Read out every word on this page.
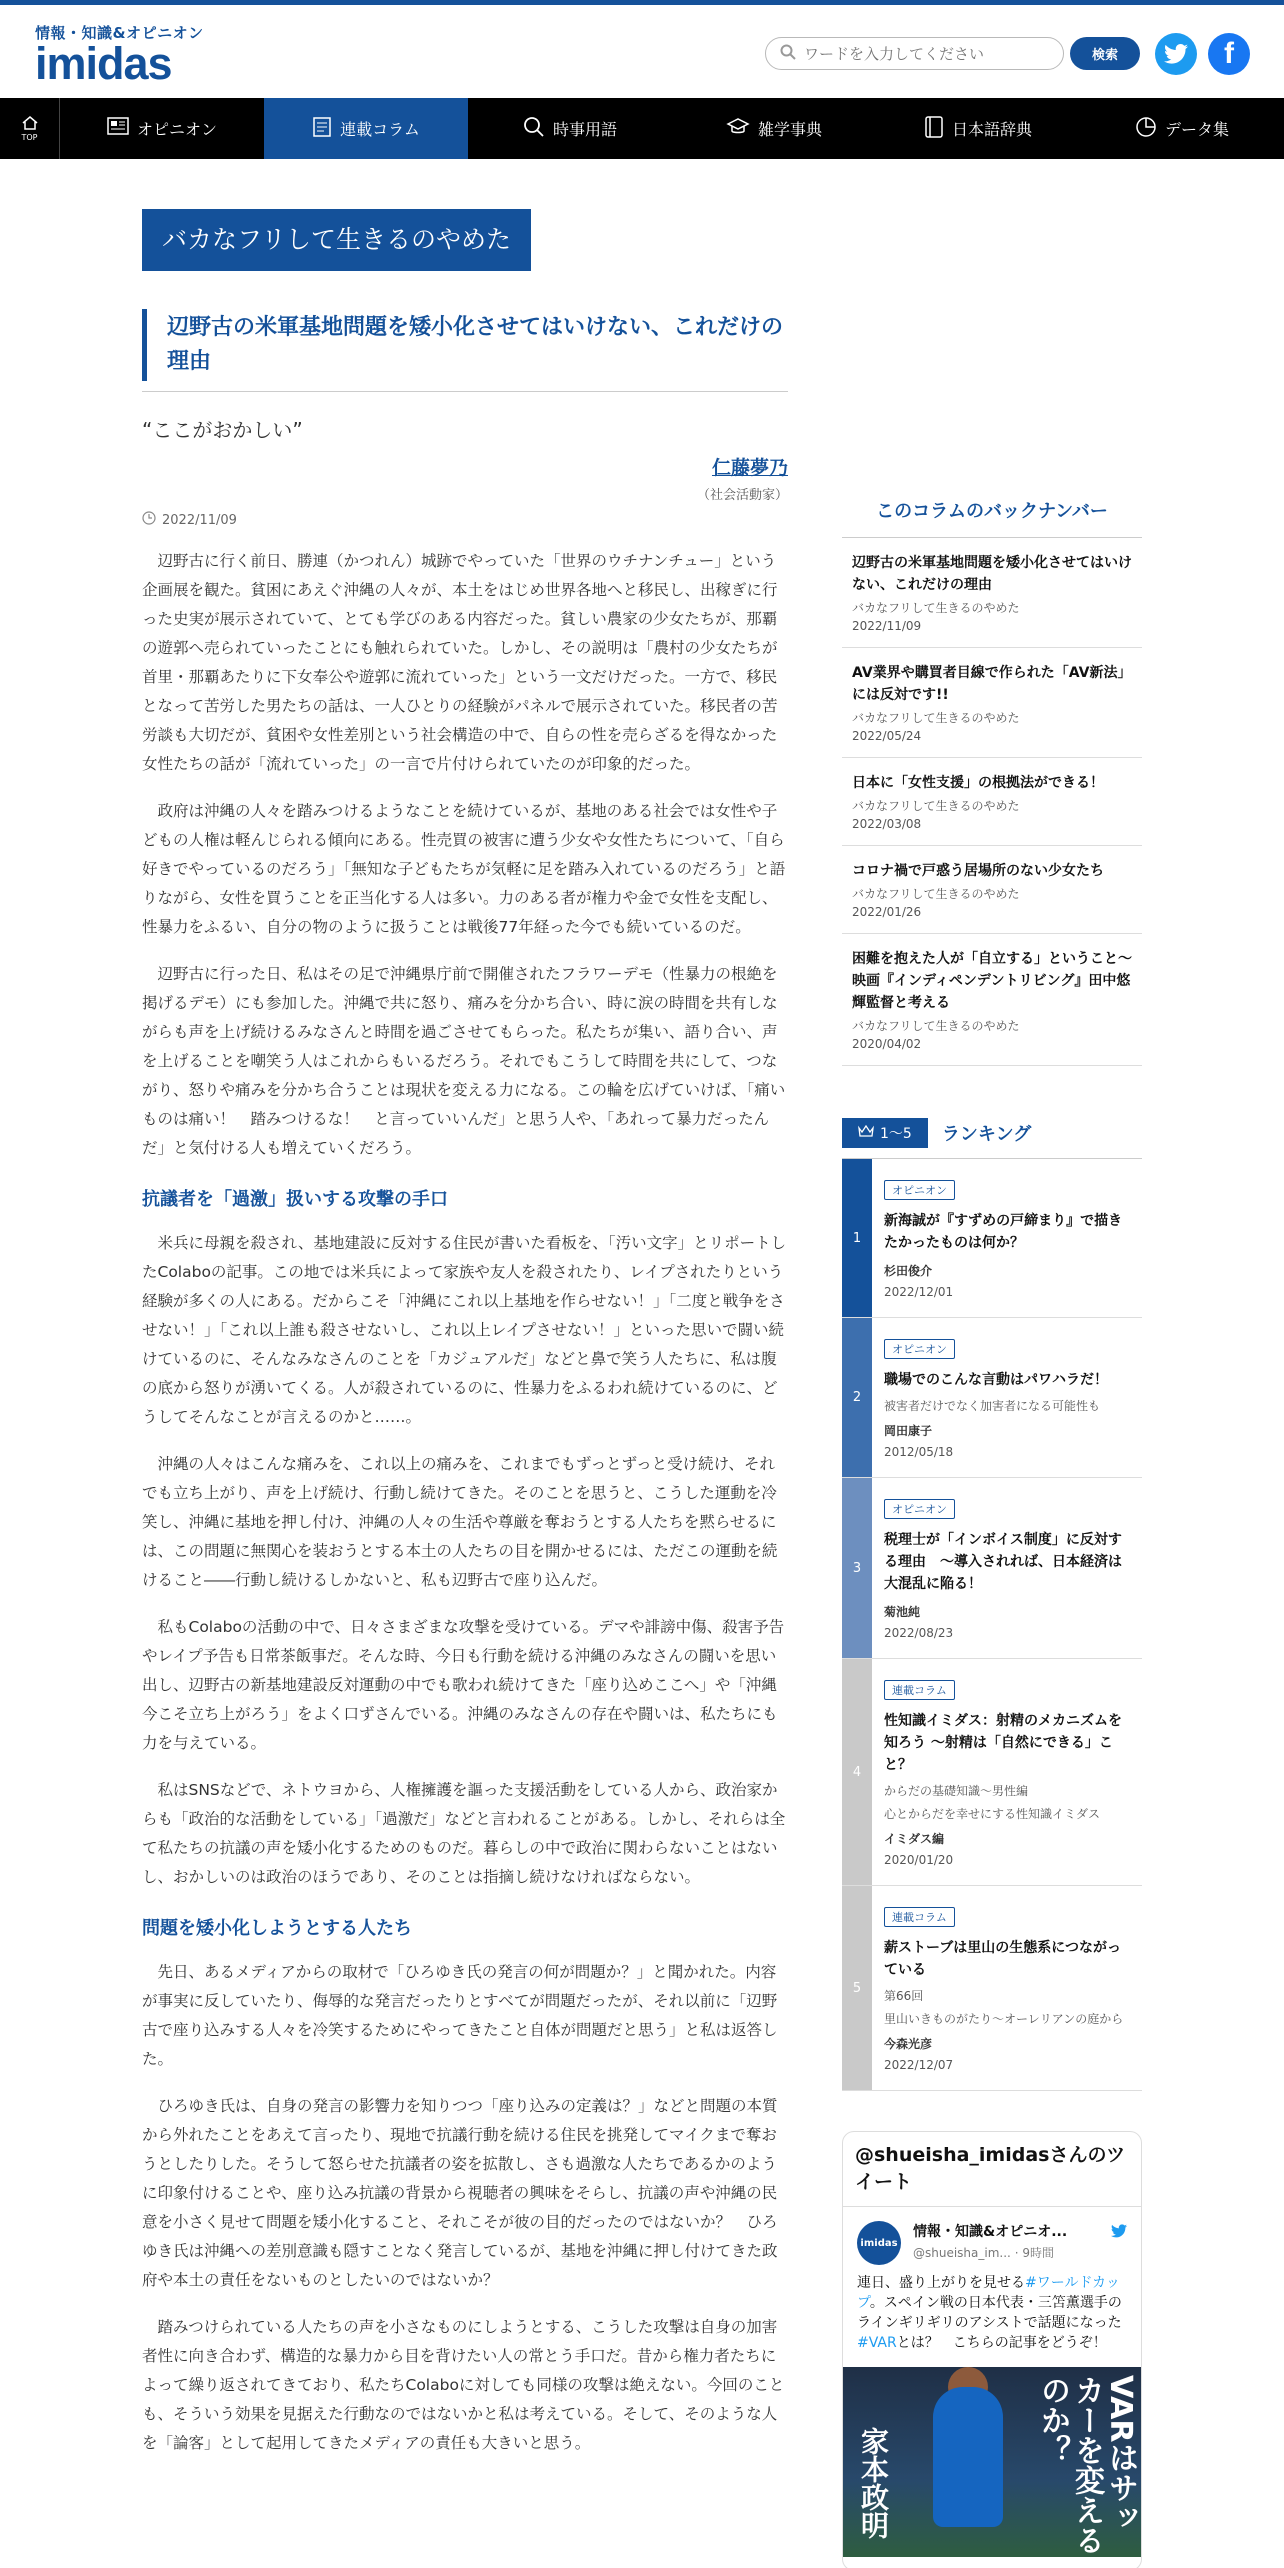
情報・知識&オピニオン
imidas
ワードを入力してください	検索	f
TOP	オピニオン	連載コラム	時事用語	雑学事典	日本語辞典	データ集
バカなフリして生きるのやめた
辺野古の米軍基地問題を矮小化させてはいけない、これだけの理由
“ここがおかしい”
仁藤夢乃
（社会活動家）
2022/11/09

辺野古に行く前日、勝連（かつれん）城跡でやっていた「世界のウチナンチュー」という企画展を観た。貧困にあえぐ沖縄の人々が、本土をはじめ世界各地へと移民し、出稼ぎに行った史実が展示されていて、とても学びのある内容だった。貧しい農家の少女たちが、那覇の遊郭へ売られていったことにも触れられていた。しかし、その説明は「農村の少女たちが首里・那覇あたりに下女奉公や遊郭に流れていった」という一文だけだった。一方で、移民となって苦労した男たちの話は、一人ひとりの経験がパネルで展示されていた。移民者の苦労談も大切だが、貧困や女性差別という社会構造の中で、自らの性を売らざるを得なかった女性たちの話が「流れていった」の一言で片付けられていたのが印象的だった。

政府は沖縄の人々を踏みつけるようなことを続けているが、基地のある社会では女性や子どもの人権は軽んじられる傾向にある。性売買の被害に遭う少女や女性たちについて、「自ら好きでやっているのだろう」「無知な子どもたちが気軽に足を踏み入れているのだろう」と語りながら、女性を買うことを正当化する人は多い。力のある者が権力や金で女性を支配し、性暴力をふるい、自分の物のように扱うことは戦後77年経った今でも続いているのだ。

辺野古に行った日、私はその足で沖縄県庁前で開催されたフラワーデモ（性暴力の根絶を掲げるデモ）にも参加した。沖縄で共に怒り、痛みを分かち合い、時に涙の時間を共有しながらも声を上げ続けるみなさんと時間を過ごさせてもらった。私たちが集い、語り合い、声を上げることを嘲笑う人はこれからもいるだろう。それでもこうして時間を共にして、つながり、怒りや痛みを分かち合うことは現状を変える力になる。この輪を広げていけば、「痛いものは痛い！　踏みつけるな！　と言っていいんだ」と思う人や、「あれって暴力だったんだ」と気付ける人も増えていくだろう。

抗議者を「過激」扱いする攻撃の手口

米兵に母親を殺され、基地建設に反対する住民が書いた看板を、「汚い文字」とリポートしたColaboの記事。この地では米兵によって家族や友人を殺されたり、レイプされたりという経験が多くの人にある。だからこそ「沖縄にこれ以上基地を作らせない！」「二度と戦争をさせない！」「これ以上誰も殺させないし、これ以上レイプさせない！」といった思いで闘い続けているのに、そんなみなさんのことを「カジュアルだ」などと鼻で笑う人たちに、私は腹の底から怒りが湧いてくる。人が殺されているのに、性暴力をふるわれ続けているのに、どうしてそんなことが言えるのかと……。

沖縄の人々はこんな痛みを、これ以上の痛みを、これまでもずっとずっと受け続け、それでも立ち上がり、声を上げ続け、行動し続けてきた。そのことを思うと、こうした運動を冷笑し、沖縄に基地を押し付け、沖縄の人々の生活や尊厳を奪おうとする人たちを黙らせるには、この問題に無関心を装おうとする本土の人たちの目を開かせるには、ただこの運動を続けること――行動し続けるしかないと、私も辺野古で座り込んだ。

私もColaboの活動の中で、日々さまざまな攻撃を受けている。デマや誹謗中傷、殺害予告やレイプ予告も日常茶飯事だ。そんな時、今日も行動を続ける沖縄のみなさんの闘いを思い出し、辺野古の新基地建設反対運動の中でも歌われ続けてきた「座り込めここへ」や「沖縄今こそ立ち上がろう」をよく口ずさんでいる。沖縄のみなさんの存在や闘いは、私たちにも力を与えている。

私はSNSなどで、ネトウヨから、人権擁護を謳った支援活動をしている人から、政治家からも「政治的な活動をしている」「過激だ」などと言われることがある。しかし、それらは全て私たちの抗議の声を矮小化するためのものだ。暮らしの中で政治に関わらないことはないし、おかしいのは政治のほうであり、そのことは指摘し続けなければならない。

問題を矮小化しようとする人たち

先日、あるメディアからの取材で「ひろゆき氏の発言の何が問題か？」と聞かれた。内容が事実に反していたり、侮辱的な発言だったりとすべてが問題だったが、それ以前に「辺野古で座り込みする人々を冷笑するためにやってきたこと自体が問題だと思う」と私は返答した。

ひろゆき氏は、自身の発言の影響力を知りつつ「座り込みの定義は？」などと問題の本質から外れたことをあえて言ったり、現地で抗議行動を続ける住民を挑発してマイクまで奪おうとしたりした。そうして怒らせた抗議者の姿を拡散し、さも過激な人たちであるかのように印象付けることや、座り込み抗議の背景から視聴者の興味をそらし、抗議の声や沖縄の民意を小さく見せて問題を矮小化すること、それこそが彼の目的だったのではないか？　ひろゆき氏は沖縄への差別意識も隠すことなく発言しているが、基地を沖縄に押し付けてきた政府や本土の責任をないものとしたいのではないか？

踏みつけられている人たちの声を小さなものにしようとする、こうした攻撃は自身の加害者性に向き合わず、構造的な暴力から目を背けたい人の常とう手口だ。昔から権力者たちによって繰り返されてきており、私たちColaboに対しても同様の攻撃は絶えない。今回のことも、そういう効果を見据えた行動なのではないかと私は考えている。そして、そのような人を「論客」として起用してきたメディアの責任も大きいと思う。

このコラムのバックナンバー
辺野古の米軍基地問題を矮小化させてはいけない、これだけの理由
バカなフリして生きるのやめた
2022/11/09
AV業界や購買者目線で作られた「AV新法」には反対です!!
バカなフリして生きるのやめた
2022/05/24
日本に「女性支援」の根拠法ができる！
バカなフリして生きるのやめた
2022/03/08
コロナ禍で戸惑う居場所のない少女たち
バカなフリして生きるのやめた
2022/01/26
困難を抱えた人が「自立する」ということ～映画『インディペンデントリビング』田中悠輝監督と考える
バカなフリして生きるのやめた
2020/04/02
1～5 ランキング
1
オピニオン
新海誠が『すずめの戸締まり』で描きたかったものは何か？
杉田俊介
2022/12/01
2
オピニオン
職場でのこんな言動はパワハラだ！
被害者だけでなく加害者になる可能性も
岡田康子
2012/05/18
3
オピニオン
税理士が「インボイス制度」に反対する理由　～導入されれば、日本経済は大混乱に陥る！
菊池純
2022/08/23
4
連載コラム
性知識イミダス：射精のメカニズムを知ろう ～射精は「自然にできる」こと？
からだの基礎知識～男性編
心とからだを幸せにする性知識イミダス
イミダス編
2020/01/20
5
連載コラム
薪ストーブは里山の生態系につながっている
第66回
里山いきものがたり～オーレリアンの庭から
今森光彦
2022/12/07
@shueisha_imidasさんのツイート
imidas
情報・知識&オピニオ...
@shueisha_im... · 9時間
連日、盛り上がりを見せる#ワールドカップ。スペイン戦の日本代表・三笘薫選手のラインギリギリのアシストで話題になった#VARとは？　こちらの記事をどうぞ！
VARはサッカーを変えるのか？
家本政明
